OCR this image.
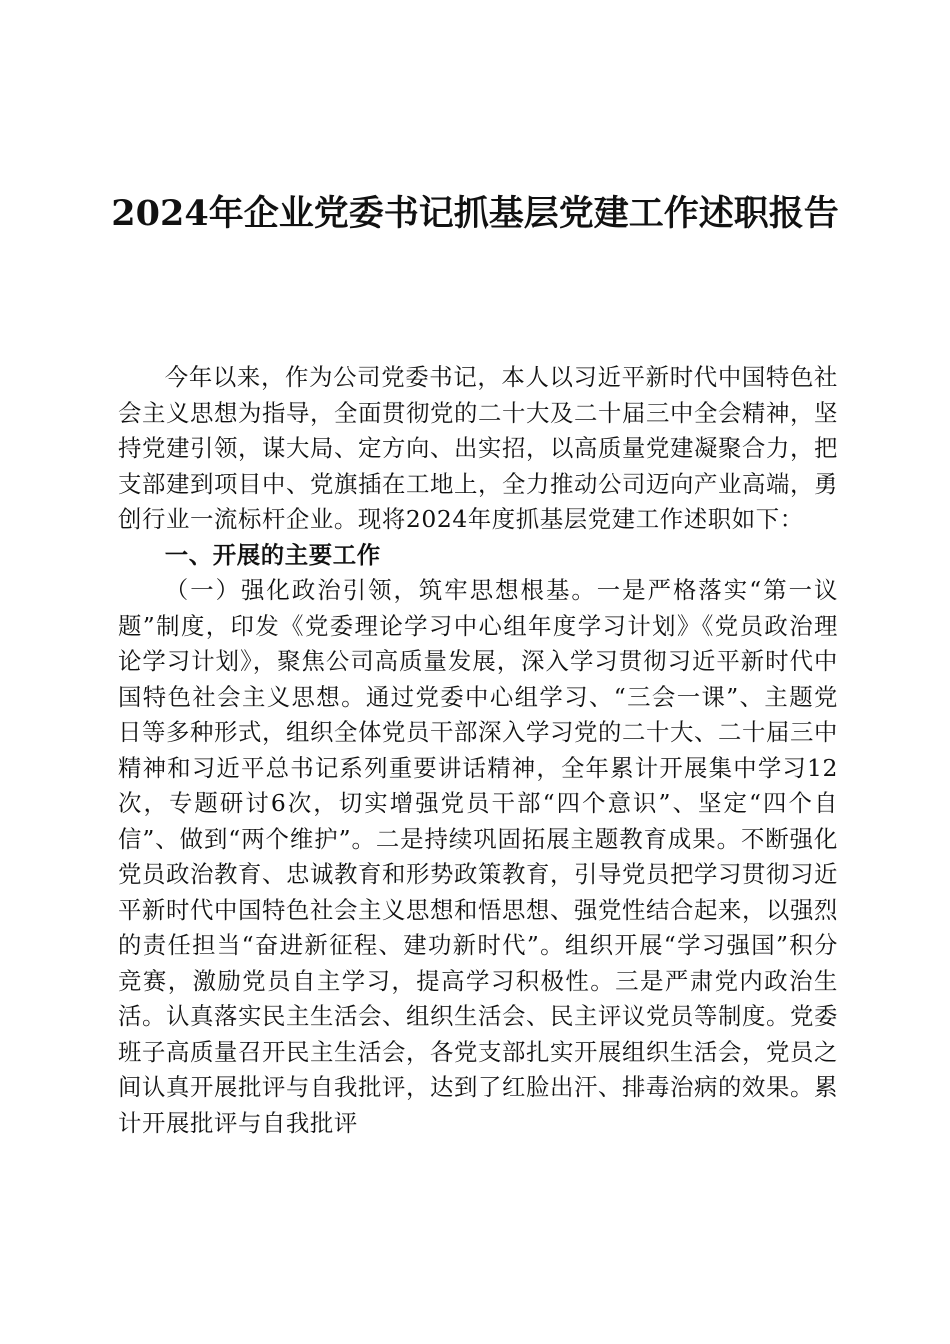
2024年企业党委书记抓基层党建工作述职报告

今年以来，作为公司党委书记，本人以习近平新时代中国特色社会主义思想为指导，全面贯彻党的二十大及二十届三中全会精神，坚持党建引领，谋大局、定方向、出实招，以高质量党建凝聚合力，把支部建到项目中、党旗插在工地上，全力推动公司迈向产业高端，勇创行业一流标杆企业。现将2024年度抓基层党建工作述职如下：

一、开展的主要工作

（一）强化政治引领，筑牢思想根基。一是严格落实“第一议题”制度，印发《党委理论学习中心组年度学习计划》《党员政治理论学习计划》，聚焦公司高质量发展，深入学习贯彻习近平新时代中国特色社会主义思想。通过党委中心组学习、“三会一课”、主题党日等多种形式，组织全体党员干部深入学习党的二十大、二十届三中精神和习近平总书记系列重要讲话精神，全年累计开展集中学习12次，专题研讨6次，切实增强党员干部“四个意识”、坚定“四个自信”、做到“两个维护”。二是持续巩固拓展主题教育成果。不断强化党员政治教育、忠诚教育和形势政策教育，引导党员把学习贯彻习近平新时代中国特色社会主义思想和悟思想、强党性结合起来，以强烈的责任担当“奋进新征程、建功新时代”。组织开展“学习强国”积分竞赛，激励党员自主学习，提高学习积极性。三是严肃党内政治生活。认真落实民主生活会、组织生活会、民主评议党员等制度。党委班子高质量召开民主生活会，各党支部扎实开展组织生活会，党员之间认真开展批评与自我批评，达到了红脸出汗、排毒治病的效果。累计开展批评与自我批评
